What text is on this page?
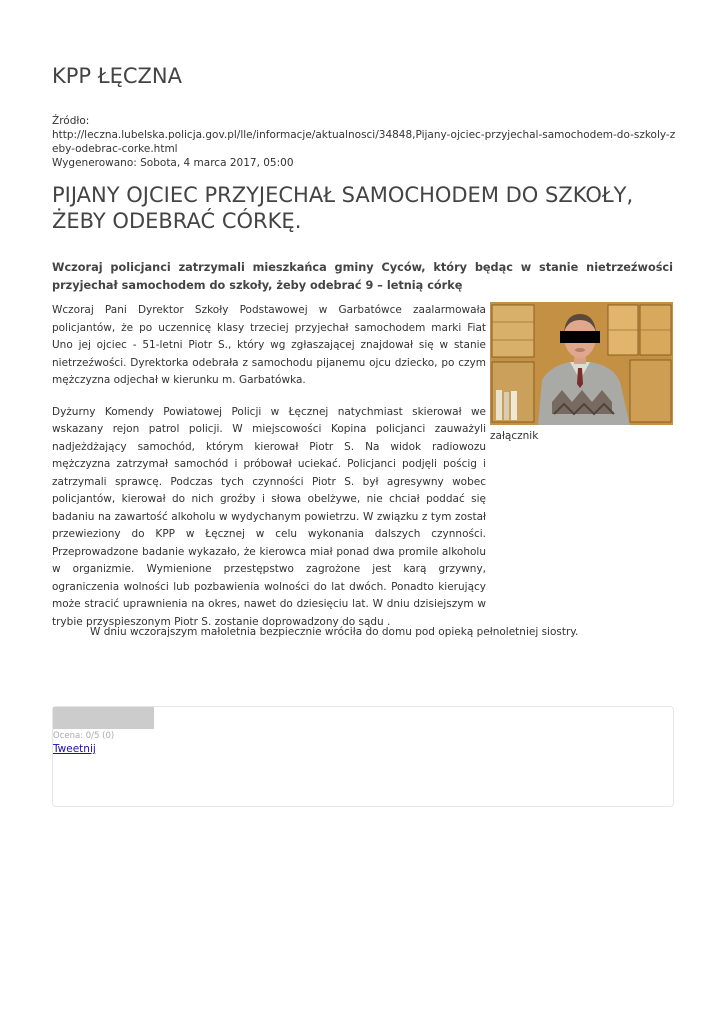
KPP ŁĘCZNA
Źródło:
http://leczna.lubelska.policja.gov.pl/lle/informacje/aktualnosci/34848,Pijany-ojciec-przyjechal-samochodem-do-szkoly-zeby-odebrac-corke.html
Wygenerowano: Sobota, 4 marca 2017, 05:00
PIJANY OJCIEC PRZYJECHAŁ SAMOCHODEM DO SZKOŁY, ŻEBY ODEBRAĆ CÓRKĘ.

Wczoraj policjanci zatrzymali mieszkańca gminy Cyców, który będąc w stanie nietrzeźwości przyjechał samochodem do szkoły, żeby odebrać 9 – letnią córkę

Wczoraj Pani Dyrektor Szkoły Podstawowej w Garbatówce zaalarmowała policjantów, że po uczennicę klasy trzeciej przyjechał samochodem marki Fiat Uno jej ojciec - 51-letni Piotr S., który wg zgłaszającej znajdował się w stanie nietrzeźwości. Dyrektorka odebrała z samochodu pijanemu ojcu dziecko, po czym mężczyzna odjechał w kierunku m. Garbatówka.

Dyżurny Komendy Powiatowej Policji w Łęcznej natychmiast skierował we wskazany rejon patrol policji. W miejscowości Kopina policjanci zauważyli nadjeżdżający samochód, którym kierował Piotr S. Na widok radiowozu mężczyzna zatrzymał samochód i próbował uciekać. Policjanci podjęli pościg i zatrzymali sprawcę. Podczas tych czynności Piotr S. był agresywny wobec policjantów, kierował do nich groźby i słowa obelżywe, nie chciał poddać się badaniu na zawartość alkoholu w wydychanym powietrzu. W związku z tym został przewieziony do KPP w Łęcznej w celu wykonania dalszych czynności. Przeprowadzone badanie wykazało, że kierowca miał ponad dwa promile alkoholu w organizmie. Wymienione przestępstwo zagrożone jest karą grzywny, ograniczenia wolności lub pozbawienia wolności do lat dwóch. Ponadto kierujący może stracić uprawnienia na okres, nawet do dziesięciu lat. W dniu dzisiejszym w trybie przyspieszonym Piotr S. zostanie doprowadzony do sądu .

załącznik

W dniu wczorajszym małoletnia bezpiecznie wróciła do domu pod opieką pełnoletniej siostry.

Ocena: 0/5 (0)
Tweetnij
